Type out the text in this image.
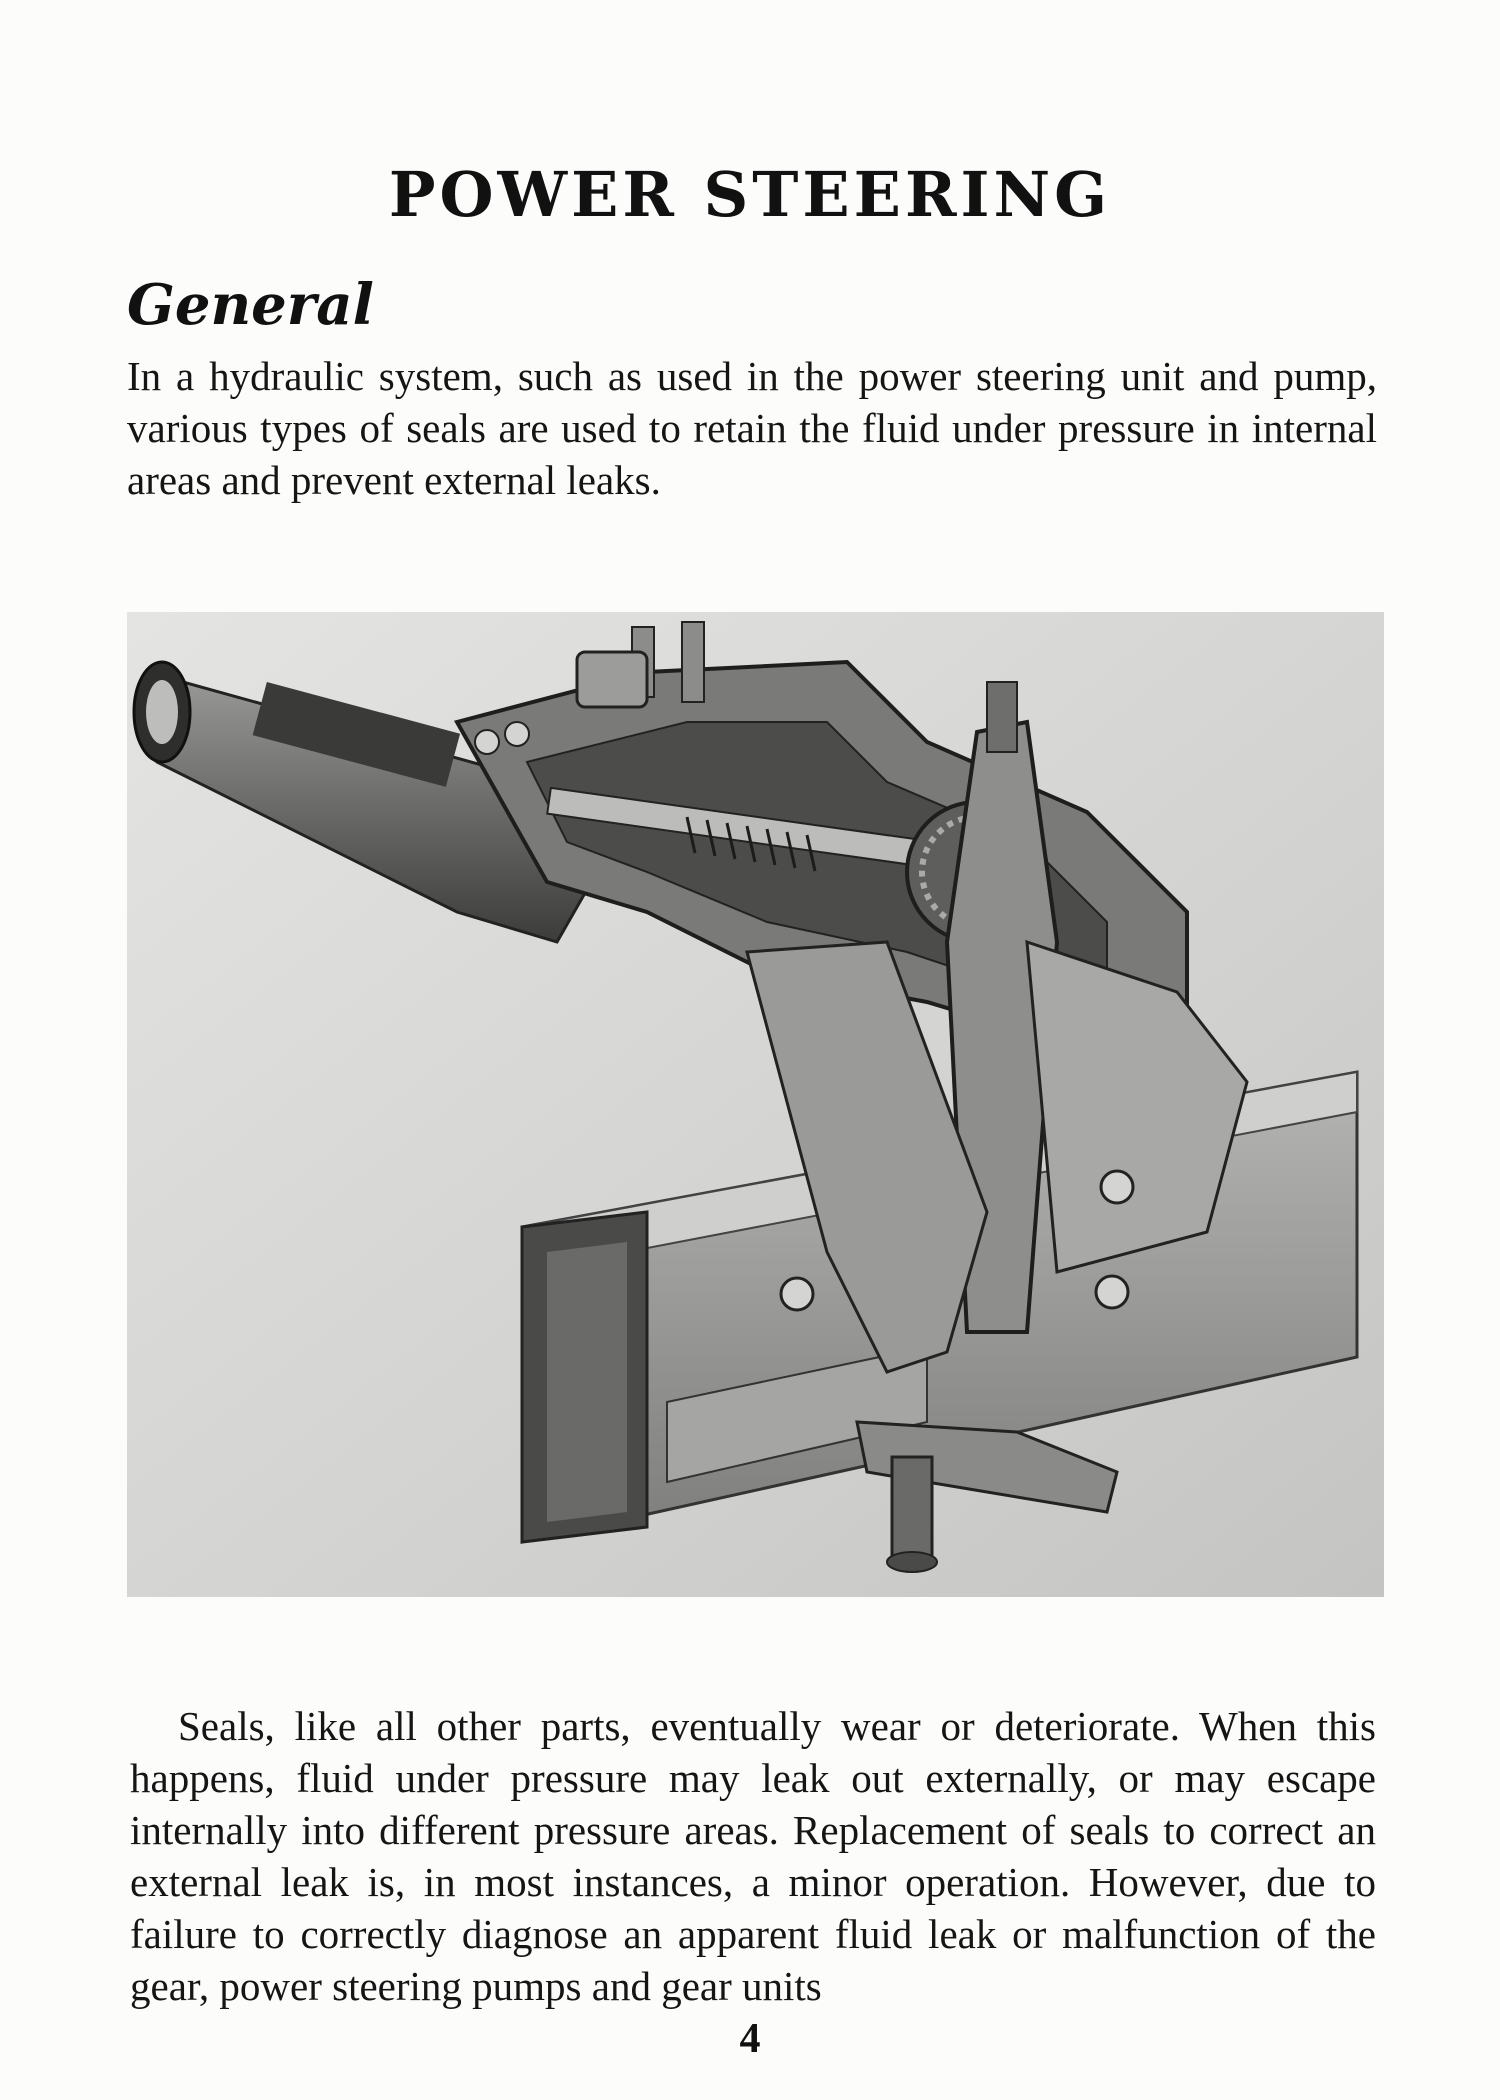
POWER STEERING
General

In a hydraulic system, such as used in the power steering unit and pump, various types of seals are used to retain the fluid under pressure in internal areas and prevent external leaks.

Seals, like all other parts, eventually wear or deteriorate. When this happens, fluid under pressure may leak out externally, or may escape internally into different pressure areas. Replacement of seals to correct an external leak is, in most instances, a minor operation. However, due to failure to correctly diagnose an apparent fluid leak or malfunction of the gear, power steering pumps and gear units

4
